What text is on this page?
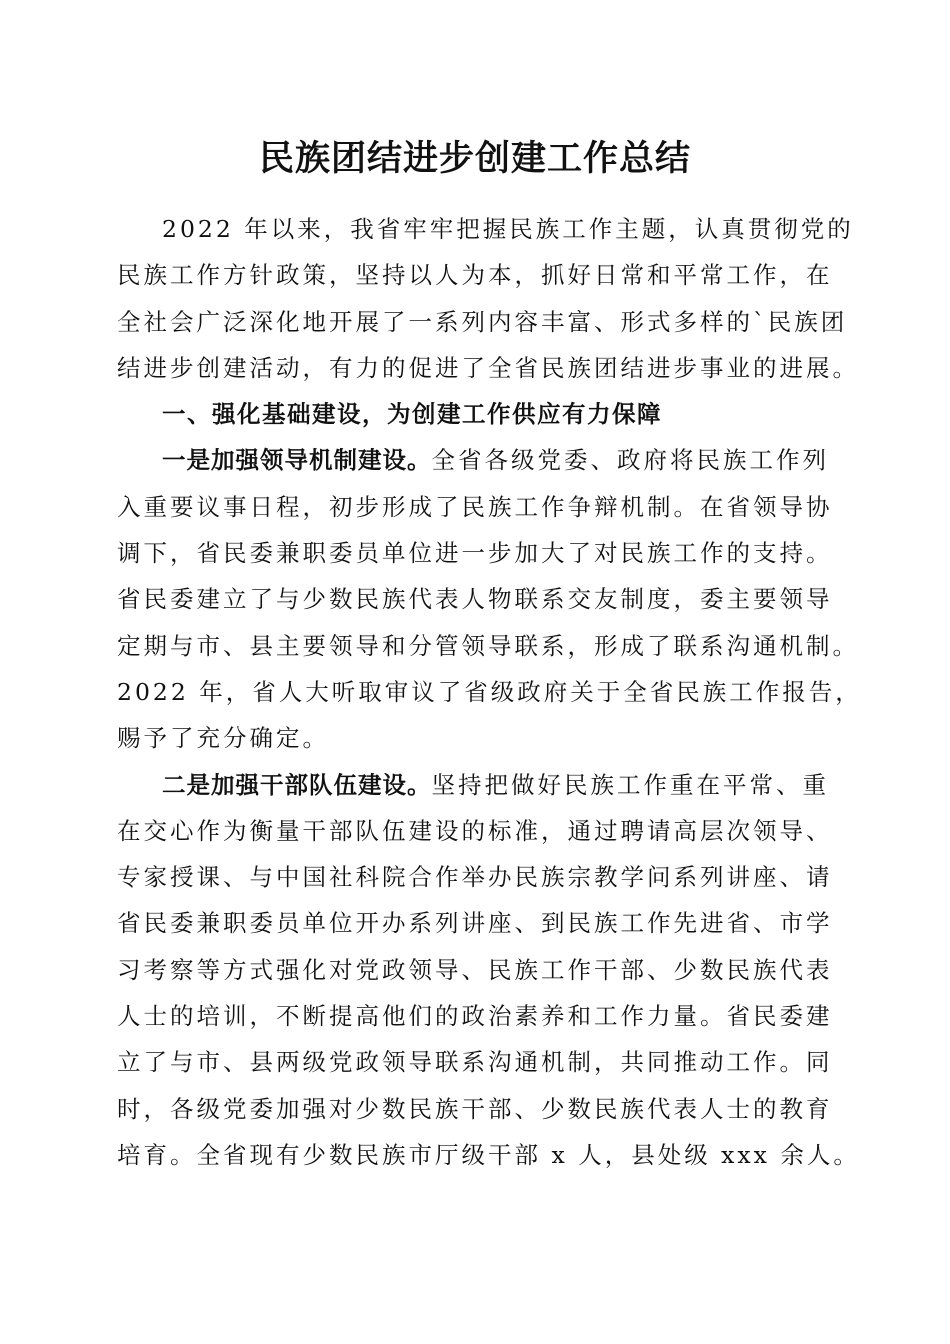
民族团结进步创建工作总结
2022 年以来，我省牢牢把握民族工作主题，认真贯彻党的
民族工作方针政策，坚持以人为本，抓好日常和平常工作，在
全社会广泛深化地开展了一系列内容丰富、形式多样的`民族团
结进步创建活动，有力的促进了全省民族团结进步事业的进展。
一、强化基础建设，为创建工作供应有力保障
一是加强领导机制建设。全省各级党委、政府将民族工作列
入重要议事日程，初步形成了民族工作争辩机制。在省领导协
调下，省民委兼职委员单位进一步加大了对民族工作的支持。
省民委建立了与少数民族代表人物联系交友制度，委主要领导
定期与市、县主要领导和分管领导联系，形成了联系沟通机制。
2022 年，省人大听取审议了省级政府关于全省民族工作报告，
赐予了充分确定。
二是加强干部队伍建设。坚持把做好民族工作重在平常、重
在交心作为衡量干部队伍建设的标准，通过聘请高层次领导、
专家授课、与中国社科院合作举办民族宗教学问系列讲座、请
省民委兼职委员单位开办系列讲座、到民族工作先进省、市学
习考察等方式强化对党政领导、民族工作干部、少数民族代表
人士的培训，不断提高他们的政治素养和工作力量。省民委建
立了与市、县两级党政领导联系沟通机制，共同推动工作。同
时，各级党委加强对少数民族干部、少数民族代表人士的教育
培育。全省现有少数民族市厅级干部 x 人，县处级 xxx 余人。
